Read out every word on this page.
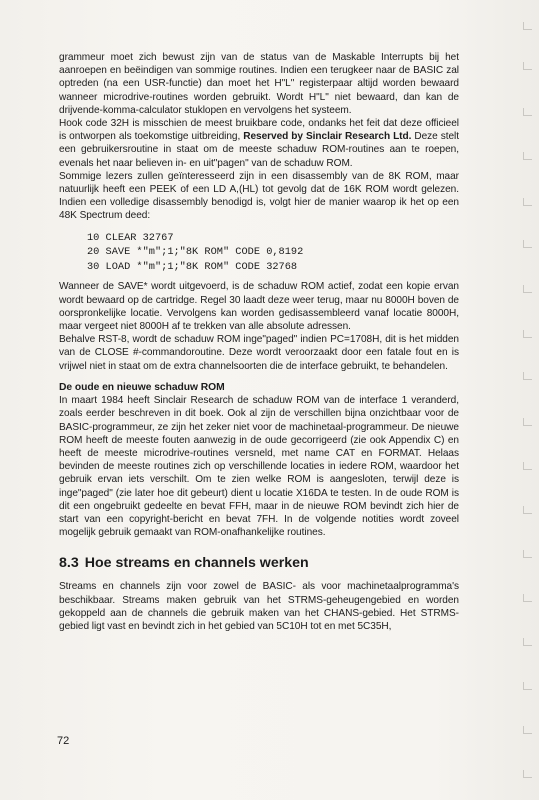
grammeur moet zich bewust zijn van de status van de Maskable Interrupts bij het aanroepen en beëindigen van sommige routines. Indien een terugkeer naar de BASIC zal optreden (na een USR-functie) dan moet het H"L" registerpaar altijd worden bewaard wanneer microdrive-routines worden gebruikt. Wordt H"L" niet bewaard, dan kan de drijvende-komma-calculator stuklopen en vervolgens het systeem.

Hook code 32H is misschien de meest bruikbare code, ondanks het feit dat deze officieel is ontworpen als toekomstige uitbreiding, Reserved by Sinclair Research Ltd. Deze stelt een gebruikersroutine in staat om de meeste schaduw ROM-routines aan te roepen, evenals het naar believen in- en uit"pagen" van de schaduw ROM.

Sommige lezers zullen geïnteresseerd zijn in een disassembly van de 8K ROM, maar natuurlijk heeft een PEEK of een LD A,(HL) tot gevolg dat de 16K ROM wordt gelezen. Indien een volledige disassembly benodigd is, volgt hier de manier waarop ik het op een 48K Spectrum deed:

10 CLEAR 32767
20 SAVE *"m";1;"8K ROM" CODE 0,8192
30 LOAD *"m";1;"8K ROM" CODE 32768

Wanneer de SAVE* wordt uitgevoerd, is de schaduw ROM actief, zodat een kopie ervan wordt bewaard op de cartridge. Regel 30 laadt deze weer terug, maar nu 8000H boven de oorspronkelijke locatie. Vervolgens kan worden gedisassembleerd vanaf locatie 8000H, maar vergeet niet 8000H af te trekken van alle absolute adressen.

Behalve RST-8, wordt de schaduw ROM inge"paged" indien PC=1708H, dit is het midden van de CLOSE #-commandoroutine. Deze wordt veroorzaakt door een fatale fout en is vrijwel niet in staat om de extra channelsoorten die de interface gebruikt, te behandelen.

De oude en nieuwe schaduw ROM

In maart 1984 heeft Sinclair Research de schaduw ROM van de interface 1 veranderd, zoals eerder beschreven in dit boek. Ook al zijn de verschillen bijna onzichtbaar voor de BASIC-programmeur, ze zijn het zeker niet voor de machinetaal-programmeur. De nieuwe ROM heeft de meeste fouten aanwezig in de oude gecorrigeerd (zie ook Appendix C) en heeft de meeste microdrive-routines versneld, met name CAT en FORMAT. Helaas bevinden de meeste routines zich op verschillende locaties in iedere ROM, waardoor het gebruik ervan iets verschilt. Om te zien welke ROM is aangesloten, terwijl deze is inge"paged" (zie later hoe dit gebeurt) dient u locatie X16DA te testen. In de oude ROM is dit een ongebruikt gedeelte en bevat FFH, maar in de nieuwe ROM bevindt zich hier de start van een copyright-bericht en bevat 7FH. In de volgende notities wordt zoveel mogelijk gebruik gemaakt van ROM-onafhankelijke routines.

8.3 Hoe streams en channels werken

Streams en channels zijn voor zowel de BASIC- als voor machinetaalprogramma's beschikbaar. Streams maken gebruik van het STRMS-geheugengebied en worden gekoppeld aan de channels die gebruik maken van het CHANS-gebied. Het STRMS-gebied ligt vast en bevindt zich in het gebied van 5C10H tot en met 5C35H,

72
